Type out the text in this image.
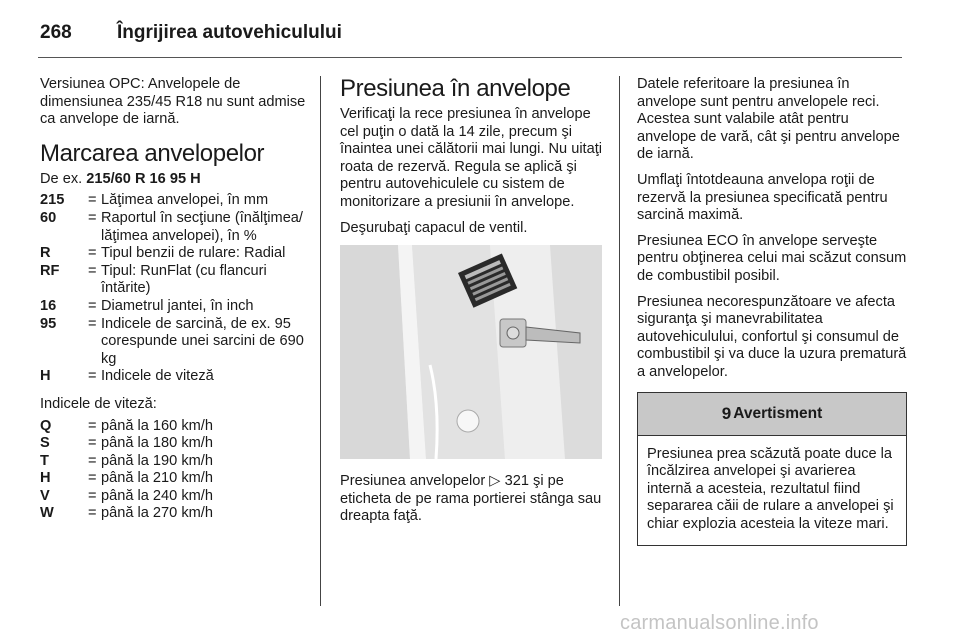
268 Îngrijirea autovehiculului

Versiunea OPC: Anvelopele de dimensiunea 235/45 R18 nu sunt admise ca anvelope de iarnă.

Marcarea anvelopelor

De ex. 215/60 R 16 95 H

215	= Lăţimea anvelopei, în mm
60	= Raportul în secţiune (înălţimea/ lăţimea anvelopei), în %
R	= Tipul benzii de rulare: Radial
RF	= Tipul: RunFlat (cu flancuri întărite)
16	= Diametrul jantei, în inch
95	= Indicele de sarcină, de ex. 95 corespunde unei sarcini de 690 kg
H	= Indicele de viteză

Indicele de viteză:

Q	= până la 160 km/h
S	= până la 180 km/h
T	= până la 190 km/h
H	= până la 210 km/h
V	= până la 240 km/h
W	= până la 270 km/h
Presiunea în anvelope

Verificaţi la rece presiunea în anvelope cel puţin o dată la 14 zile, precum şi înaintea unei călătorii mai lungi. Nu uitaţi roata de rezervă. Regula se aplică şi pentru autovehiculele cu sistem de monitorizare a presiunii în anvelope.

Deşurubaţi capacul de ventil.

Presiunea anvelopelor ▷ 321 şi pe eticheta de pe rama portierei stânga sau dreapta faţă.

Datele referitoare la presiunea în anvelope sunt pentru anvelopele reci. Acestea sunt valabile atât pentru anvelope de vară, cât şi pentru anvelope de iarnă.

Umflaţi întotdeauna anvelopa roţii de rezervă la presiunea specificată pentru sarcină maximă.

Presiunea ECO în anvelope serveşte pentru obţinerea celui mai scăzut consum de combustibil posibil.

Presiunea necorespunzătoare ve afecta siguranţa şi manevrabilitatea autovehiculului, confortul şi consumul de combustibil şi va duce la uzura prematură a anvelopelor.

9 Avertisment
Presiunea prea scăzută poate duce la încălzirea anvelopei şi avarierea internă a acesteia, rezultatul fiind separarea căii de rulare a anvelopei şi chiar explozia acesteia la viteze mari.
carmanualsonline.info
